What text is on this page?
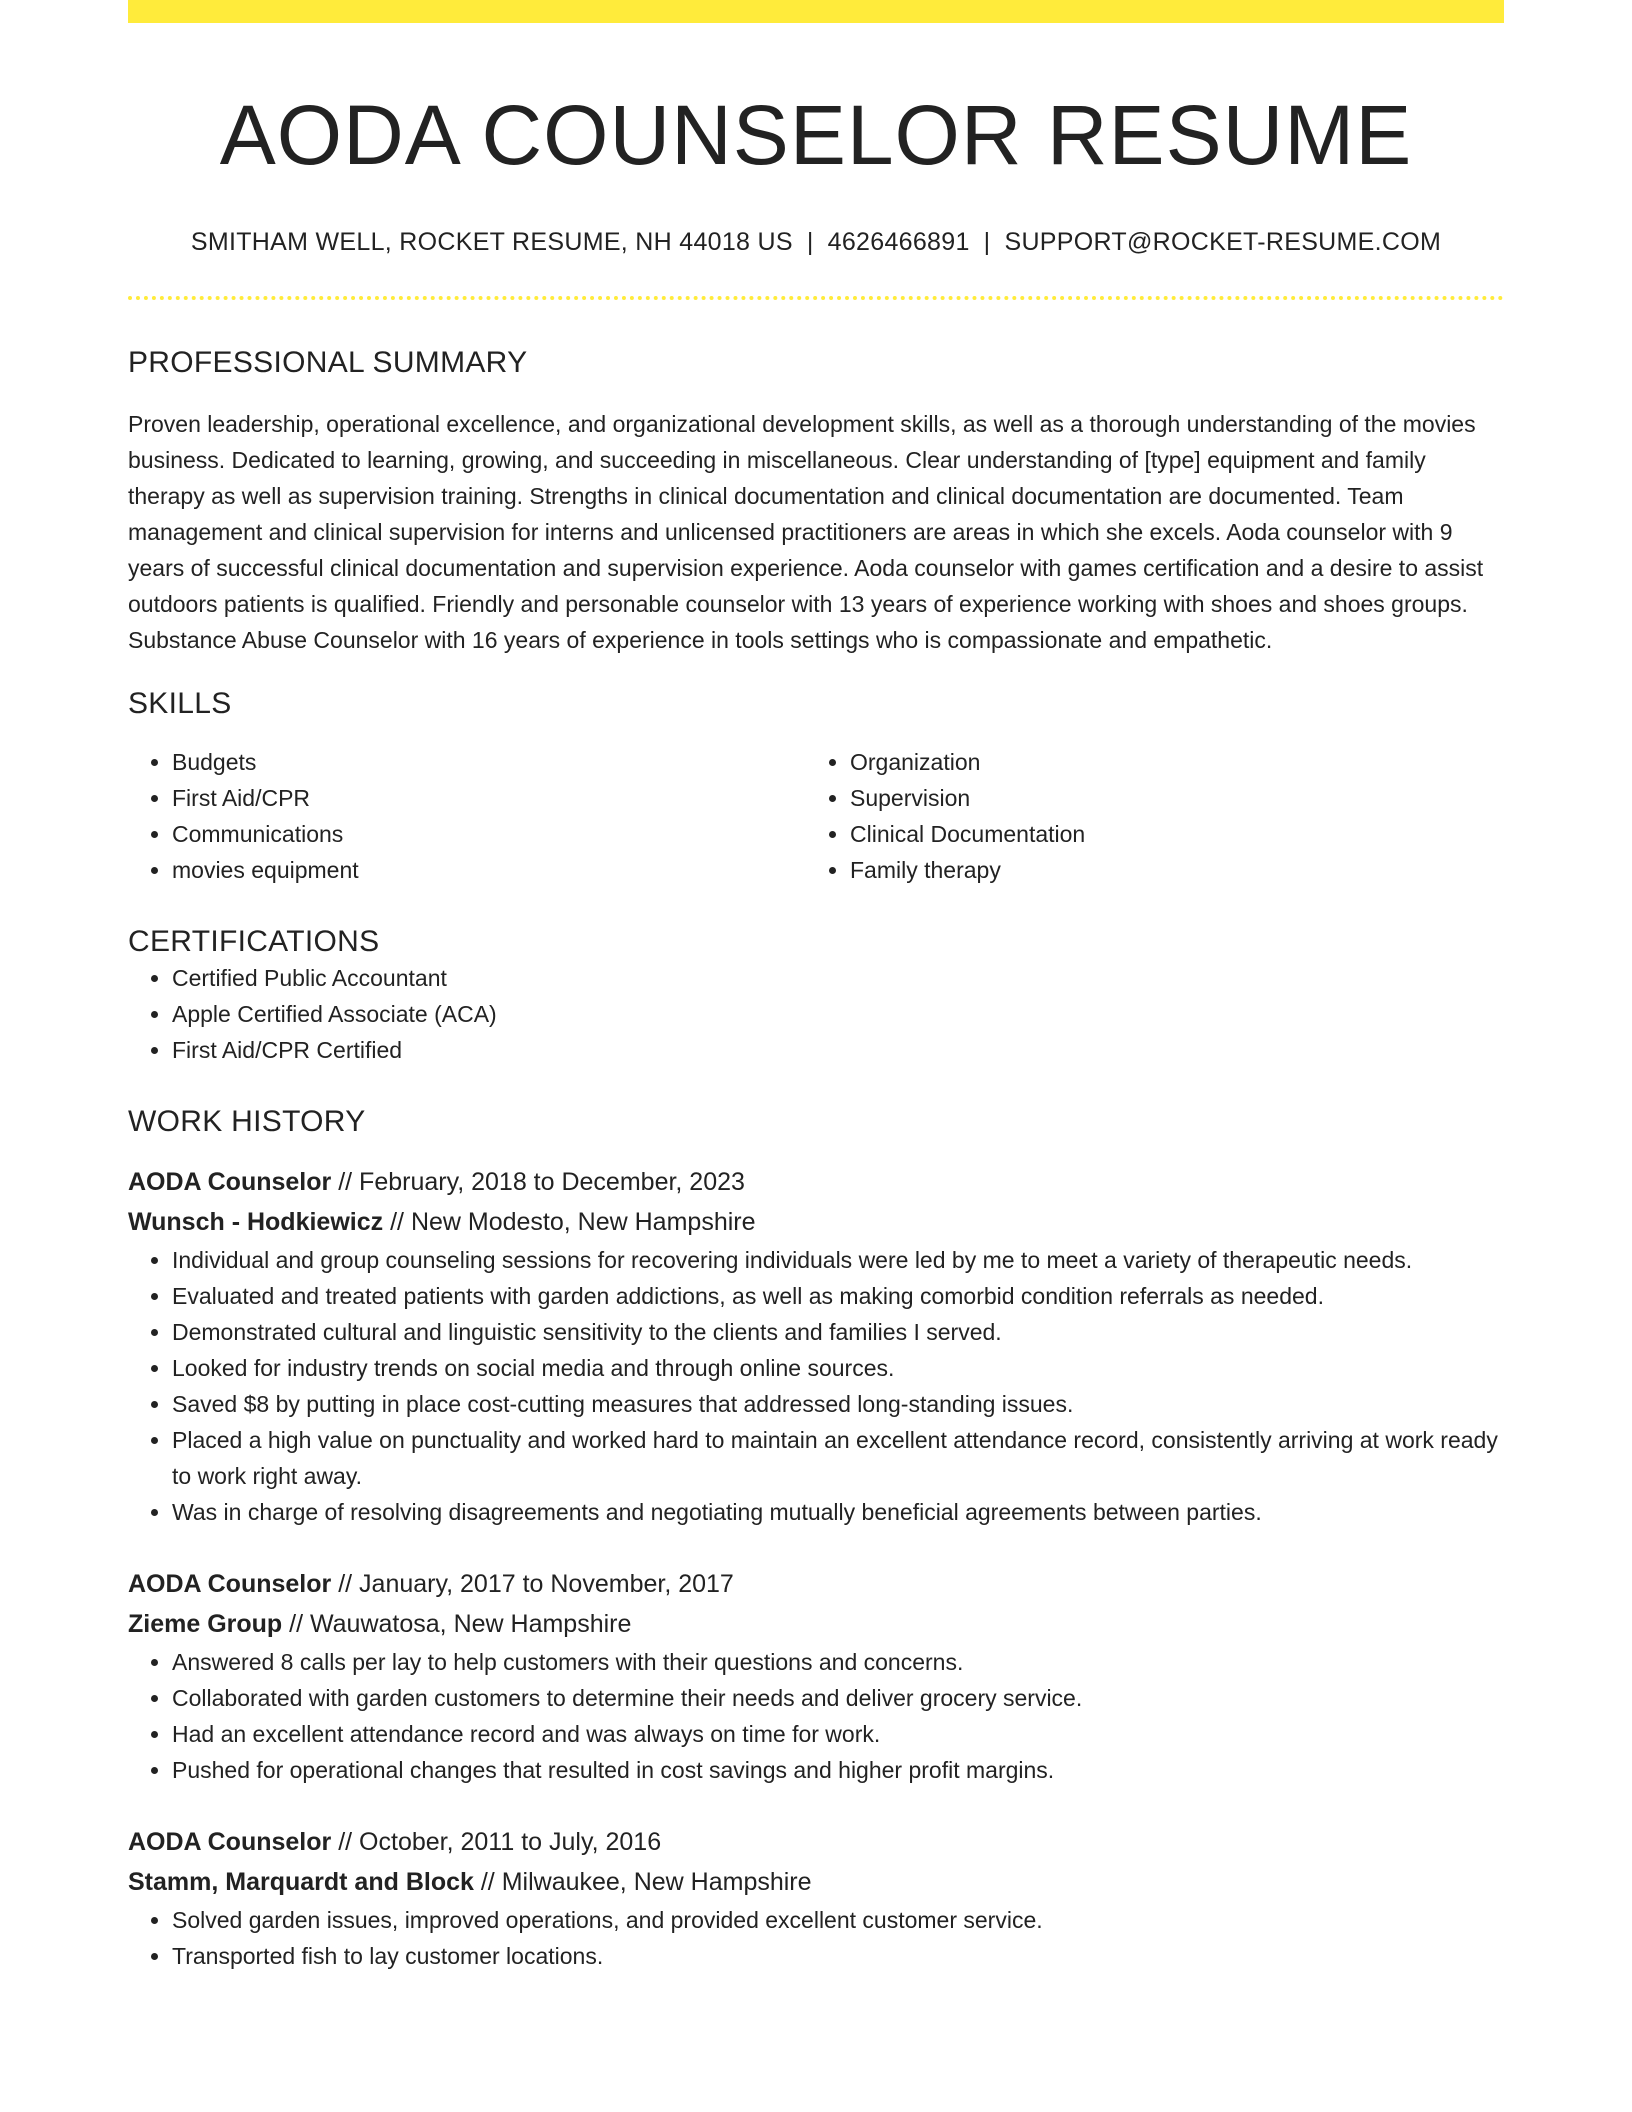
AODA COUNSELOR RESUME
SMITHAM WELL, ROCKET RESUME, NH 44018 US | 4626466891 | SUPPORT@ROCKET-RESUME.COM
PROFESSIONAL SUMMARY

Proven leadership, operational excellence, and organizational development skills, as well as a thorough understanding of the movies business. Dedicated to learning, growing, and succeeding in miscellaneous. Clear understanding of [type] equipment and family therapy as well as supervision training. Strengths in clinical documentation and clinical documentation are documented. Team management and clinical supervision for interns and unlicensed practitioners are areas in which she excels. Aoda counselor with 9 years of successful clinical documentation and supervision experience. Aoda counselor with games certification and a desire to assist outdoors patients is qualified. Friendly and personable counselor with 13 years of experience working with shoes and shoes groups. Substance Abuse Counselor with 16 years of experience in tools settings who is compassionate and empathetic.

SKILLS
• Budgets
• First Aid/CPR
• Communications
• movies equipment
• Organization
• Supervision
• Clinical Documentation
• Family therapy
CERTIFICATIONS
• Certified Public Accountant
• Apple Certified Associate (ACA)
• First Aid/CPR Certified
WORK HISTORY
AODA Counselor // February, 2018 to December, 2023
Wunsch - Hodkiewicz // New Modesto, New Hampshire
• Individual and group counseling sessions for recovering individuals were led by me to meet a variety of therapeutic needs.
• Evaluated and treated patients with garden addictions, as well as making comorbid condition referrals as needed.
• Demonstrated cultural and linguistic sensitivity to the clients and families I served.
• Looked for industry trends on social media and through online sources.
• Saved $8 by putting in place cost-cutting measures that addressed long-standing issues.
• Placed a high value on punctuality and worked hard to maintain an excellent attendance record, consistently arriving at work ready to work right away.
• Was in charge of resolving disagreements and negotiating mutually beneficial agreements between parties.
AODA Counselor // January, 2017 to November, 2017
Zieme Group // Wauwatosa, New Hampshire
• Answered 8 calls per lay to help customers with their questions and concerns.
• Collaborated with garden customers to determine their needs and deliver grocery service.
• Had an excellent attendance record and was always on time for work.
• Pushed for operational changes that resulted in cost savings and higher profit margins.
AODA Counselor // October, 2011 to July, 2016
Stamm, Marquardt and Block // Milwaukee, New Hampshire
• Solved garden issues, improved operations, and provided excellent customer service.
• Transported fish to lay customer locations.
